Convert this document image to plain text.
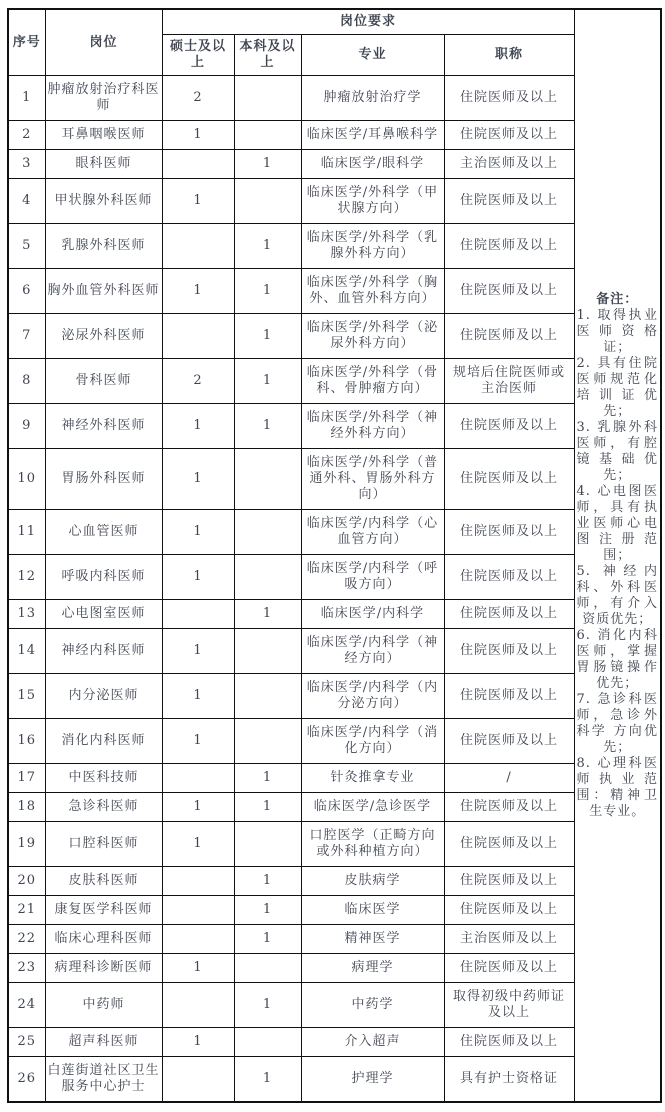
序号	岗位	岗位要求	
备注：

1. 取得执业医师资格证；

2. 具有住院医师规范化培训证优先；

3. 乳腺外科医师，有腔镜基础优先；

4. 心电图医师，具有执业医师心电图注册范围；

5. 神经内科、外科医师，有介入资质优先；

6. 消化内科医师，掌握胃肠镜操作优先；

7. 急诊科医师，急诊外科学 方向优先；

8. 心理科医师执业范围：精神卫生专业。

		硕士及以上	本科及以上	专业	职称	
1	肿瘤放射治疗科医师	2		肿瘤放射治疗学	住院医师及以上	
2	耳鼻咽喉医师	1		临床医学/耳鼻喉科学	住院医师及以上	
3	眼科医师		1	临床医学/眼科学	主治医师及以上	
4	甲状腺外科医师	1		临床医学/外科学（甲状腺方向）	住院医师及以上	
5	乳腺外科医师		1	临床医学/外科学（乳腺外科方向）	住院医师及以上	
6	胸外血管外科医师	1	1	临床医学/外科学（胸外、血管外科方向）	住院医师及以上	
7	泌尿外科医师		1	临床医学/外科学（泌尿外科方向）	住院医师及以上	
8	骨科医师	2	1	临床医学/外科学（骨科、骨肿瘤方向）	规培后住院医师或主治医师	
9	神经外科医师	1	1	临床医学/外科学（神经外科方向）	住院医师及以上	
10	胃肠外科医师	1		临床医学/外科学（普通外科、胃肠外科方向）	住院医师及以上	
11	心血管医师	1		临床医学/内科学（心血管方向）	住院医师及以上	
12	呼吸内科医师	1		临床医学/内科学（呼吸方向）	住院医师及以上	
13	心电图室医师		1	临床医学/内科学	住院医师及以上	
14	神经内科医师	1		临床医学/内科学（神经方向）	住院医师及以上	
15	内分泌医师	1		临床医学/内科学（内分泌方向）	住院医师及以上	
16	消化内科医师	1		临床医学/内科学（消化方向）	住院医师及以上	
17	中医科技师		1	针灸推拿专业	/	
18	急诊科医师	1	1	临床医学/急诊医学	住院医师及以上	
19	口腔科医师	1		口腔医学（正畸方向或外科种植方向）	住院医师及以上	
20	皮肤科医师		1	皮肤病学	住院医师及以上	
21	康复医学科医师		1	临床医学	住院医师及以上	
22	临床心理科医师		1	精神医学	主治医师及以上	
23	病理科诊断医师	1		病理学	住院医师及以上	
24	中药师		1	中药学	取得初级中药师证及以上	
25	超声科医师	1		介入超声	住院医师及以上	
26	白莲街道社区卫生服务中心护士		1	护理学	具有护士资格证	
